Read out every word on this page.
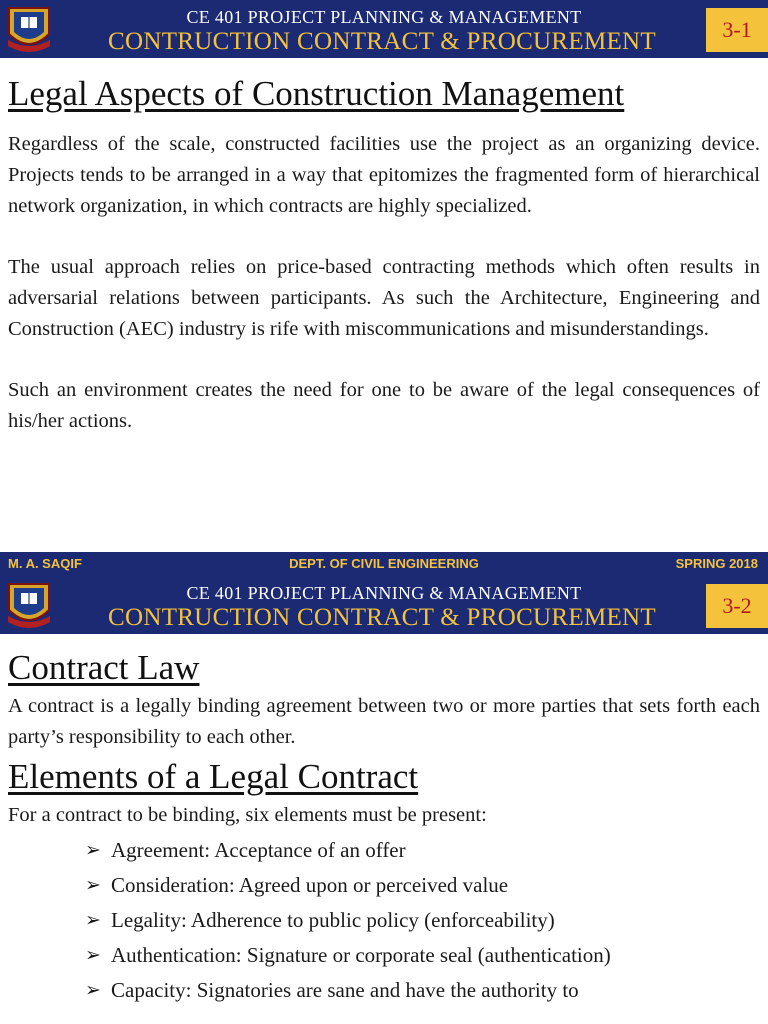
CE 401 PROJECT PLANNING & MANAGEMENT
CONTRUCTION CONTRACT & PROCUREMENT	3-1
Legal Aspects of Construction Management

Regardless of the scale, constructed facilities use the project as an organizing device. Projects tends to be arranged in a way that epitomizes the fragmented form of hierarchical network organization, in which contracts are highly specialized.

The usual approach relies on price-based contracting methods which often results in adversarial relations between participants. As such the Architecture, Engineering and Construction (AEC) industry is rife with miscommunications and misunderstandings.

Such an environment creates the need for one to be aware of the legal consequences of his/her actions.

M. A. SAQIF	DEPT. OF CIVIL ENGINEERING	SPRING 2018
CE 401 PROJECT PLANNING & MANAGEMENT
CONTRUCTION CONTRACT & PROCUREMENT	3-2
Contract Law

A contract is a legally binding agreement between two or more parties that sets forth each party’s responsibility to each other.

Elements of a Legal Contract

For a contract to be binding, six elements must be present:

➢ Agreement: Acceptance of an offer
➢ Consideration: Agreed upon or perceived value
➢ Legality: Adherence to public policy (enforceability)
➢ Authentication: Signature or corporate seal (authentication)
➢ Capacity: Signatories are sane and have the authority to
